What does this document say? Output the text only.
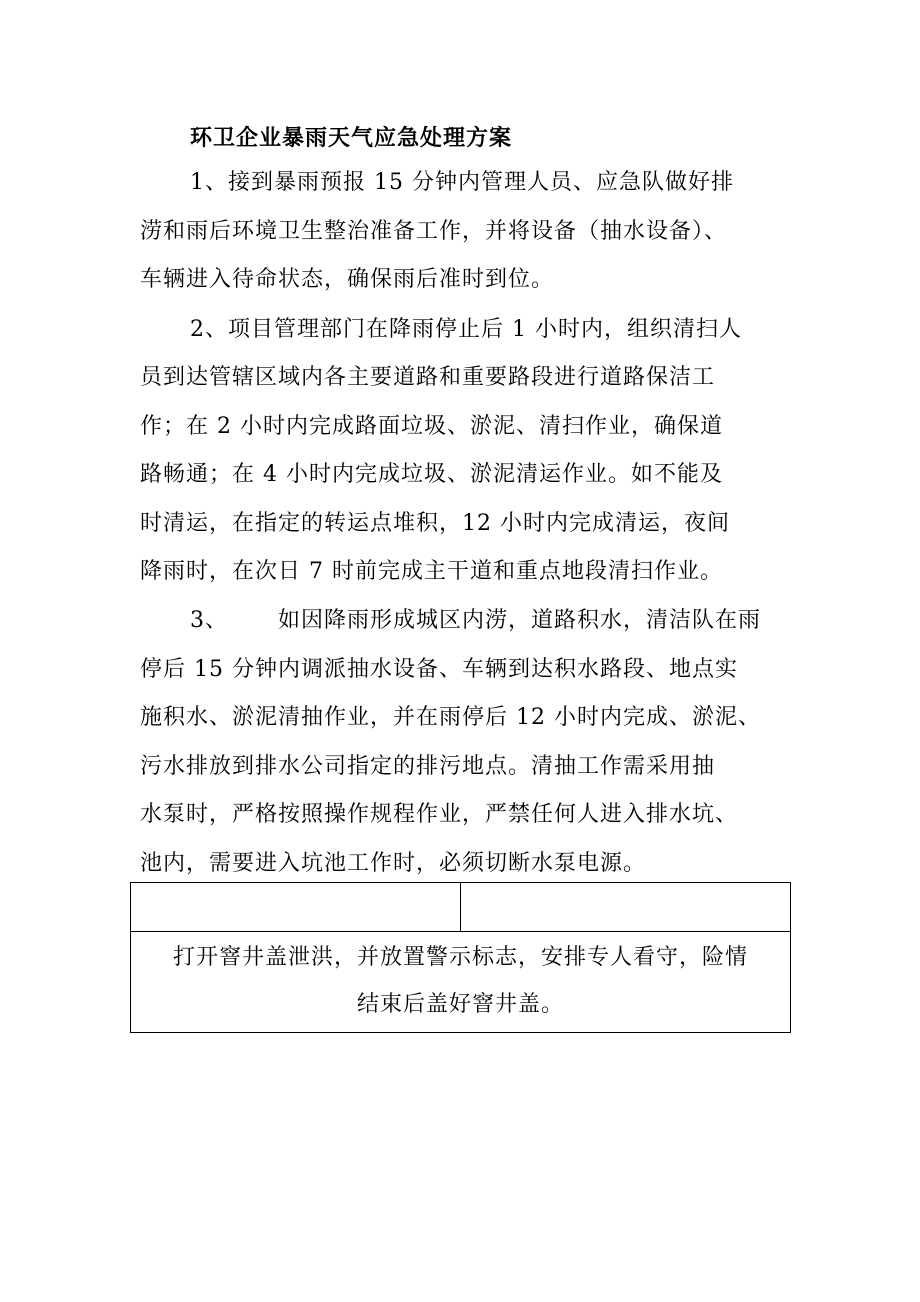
环卫企业暴雨天气应急处理方案
1、接到暴雨预报 15 分钟内管理人员、应急队做好排
涝和雨后环境卫生整治准备工作，并将设备（抽水设备）、
车辆进入待命状态，确保雨后准时到位。
2、项目管理部门在降雨停止后 1 小时内，组织清扫人
员到达管辖区域内各主要道路和重要路段进行道路保洁工
作；在 2 小时内完成路面垃圾、淤泥、清扫作业，确保道
路畅通；在 4 小时内完成垃圾、淤泥清运作业。如不能及
时清运，在指定的转运点堆积，12 小时内完成清运，夜间
降雨时，在次日 7 时前完成主干道和重点地段清扫作业。
3、 如因降雨形成城区内涝，道路积水，清洁队在雨
停后 15 分钟内调派抽水设备、车辆到达积水路段、地点实
施积水、淤泥清抽作业，并在雨停后 12 小时内完成、淤泥、
污水排放到排水公司指定的排污地点。清抽工作需采用抽
水泵时，严格按照操作规程作业，严禁任何人进入排水坑、
池内，需要进入坑池工作时，必须切断水泵电源。

打开窨井盖泄洪，并放置警示标志，安排专人看守，险情
结束后盖好窨井盖。
